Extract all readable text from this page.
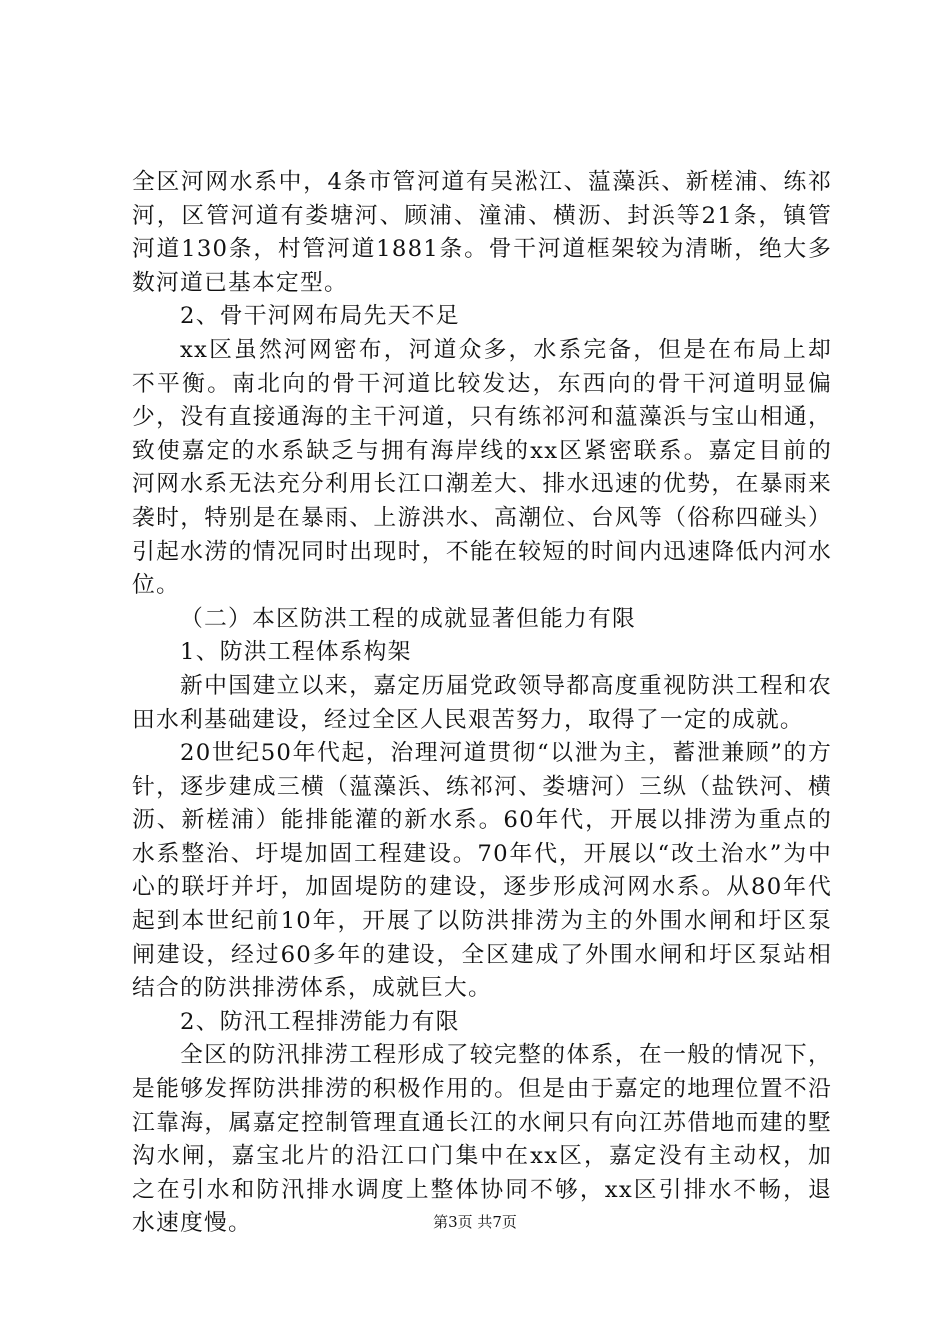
全区河网水系中，4条市管河道有吴淞江、蕰藻浜、新槎浦、练祁河，区管河道有娄塘河、顾浦、潼浦、横沥、封浜等21条，镇管河道130条，村管河道1881条。骨干河道框架较为清晰，绝大多数河道已基本定型。

2、骨干河网布局先天不足

xx区虽然河网密布，河道众多，水系完备，但是在布局上却不平衡。南北向的骨干河道比较发达，东西向的骨干河道明显偏少，没有直接通海的主干河道，只有练祁河和蕰藻浜与宝山相通，致使嘉定的水系缺乏与拥有海岸线的xx区紧密联系。嘉定目前的河网水系无法充分利用长江口潮差大、排水迅速的优势，在暴雨来袭时，特别是在暴雨、上游洪水、高潮位、台风等（俗称四碰头）引起水涝的情况同时出现时，不能在较短的时间内迅速降低内河水位。

（二）本区防洪工程的成就显著但能力有限

1、防洪工程体系构架

新中国建立以来，嘉定历届党政领导都高度重视防洪工程和农田水利基础建设，经过全区人民艰苦努力，取得了一定的成就。

20世纪50年代起，治理河道贯彻“以泄为主，蓄泄兼顾”的方针，逐步建成三横（蕰藻浜、练祁河、娄塘河）三纵（盐铁河、横沥、新槎浦）能排能灌的新水系。60年代，开展以排涝为重点的水系整治、圩堤加固工程建设。70年代，开展以“改土治水”为中心的联圩并圩，加固堤防的建设，逐步形成河网水系。从80年代起到本世纪前10年，开展了以防洪排涝为主的外围水闸和圩区泵闸建设，经过60多年的建设，全区建成了外围水闸和圩区泵站相结合的防洪排涝体系，成就巨大。

2、防汛工程排涝能力有限

全区的防汛排涝工程形成了较完整的体系，在一般的情况下，是能够发挥防洪排涝的积极作用的。但是由于嘉定的地理位置不沿江靠海，属嘉定控制管理直通长江的水闸只有向江苏借地而建的墅沟水闸，嘉宝北片的沿江口门集中在xx区，嘉定没有主动权，加之在引水和防汛排水调度上整体协同不够，xx区引排水不畅，退水速度慢。	第3页 共7页
